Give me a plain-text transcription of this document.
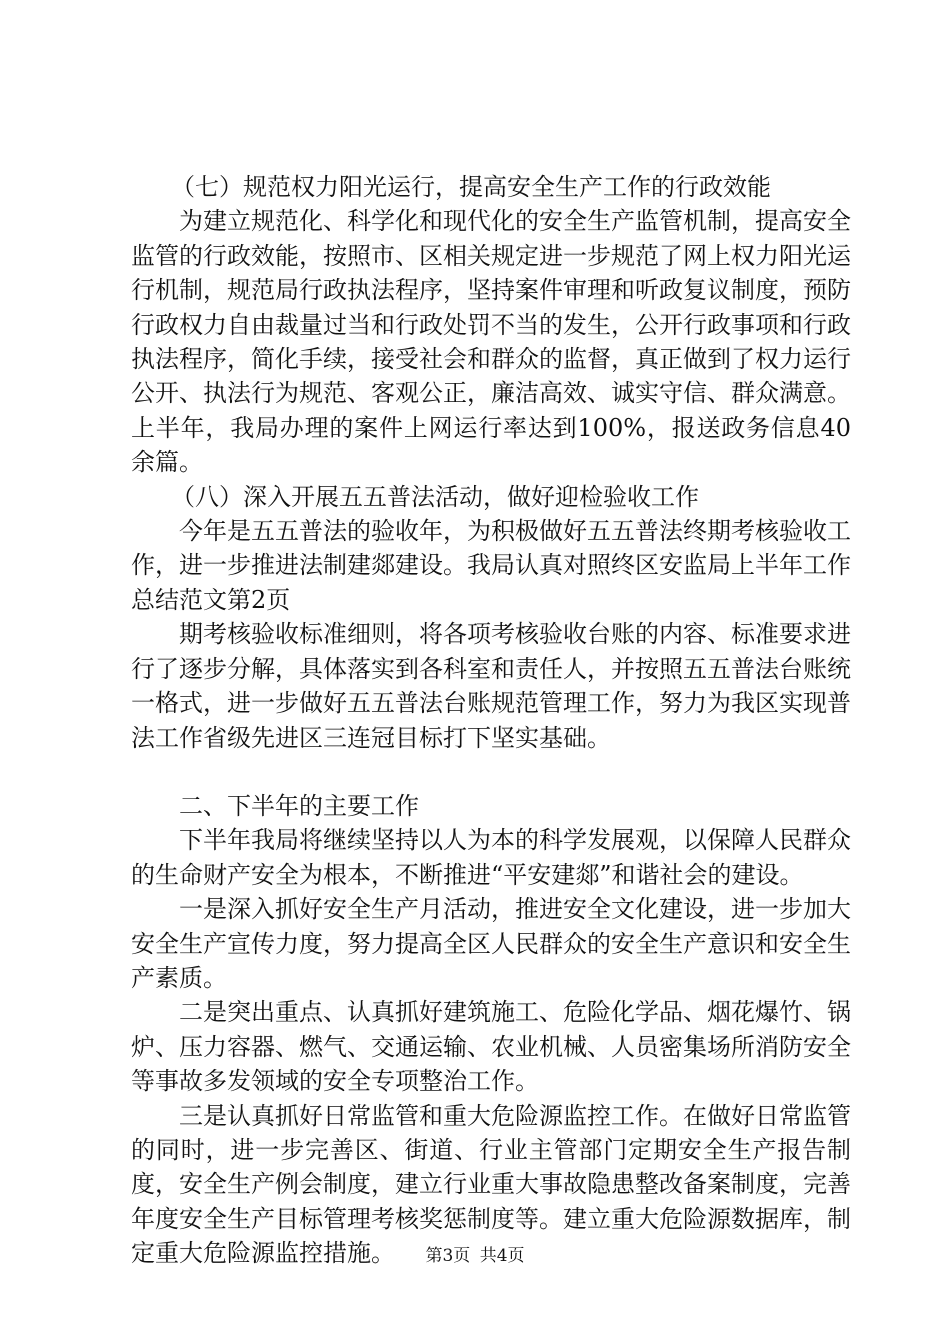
（七）规范权力阳光运行，提高安全生产工作的行政效能

为建立规范化、科学化和现代化的安全生产监管机制，提高安全监管的行政效能，按照市、区相关规定进一步规范了网上权力阳光运行机制，规范局行政执法程序，坚持案件审理和听政复议制度，预防行政权力自由裁量过当和行政处罚不当的发生，公开行政事项和行政执法程序，简化手续，接受社会和群众的监督，真正做到了权力运行公开、执法行为规范、客观公正，廉洁高效、诚实守信、群众满意。上半年，我局办理的案件上网运行率达到100%，报送政务信息40余篇。

（八）深入开展五五普法活动，做好迎检验收工作

今年是五五普法的验收年，为积极做好五五普法终期考核验收工作，进一步推进法制建郯建设。我局认真对照终区安监局上半年工作总结范文第2页

期考核验收标准细则，将各项考核验收台账的内容、标准要求进行了逐步分解，具体落实到各科室和责任人，并按照五五普法台账统一格式，进一步做好五五普法台账规范管理工作，努力为我区实现普法工作省级先进区三连冠目标打下坚实基础。

二、下半年的主要工作

下半年我局将继续坚持以人为本的科学发展观，以保障人民群众的生命财产安全为根本，不断推进“平安建郯”和谐社会的建设。

一是深入抓好安全生产月活动，推进安全文化建设，进一步加大安全生产宣传力度，努力提高全区人民群众的安全生产意识和安全生产素质。

二是突出重点、认真抓好建筑施工、危险化学品、烟花爆竹、锅炉、压力容器、燃气、交通运输、农业机械、人员密集场所消防安全等事故多发领域的安全专项整治工作。

三是认真抓好日常监管和重大危险源监控工作。在做好日常监管的同时，进一步完善区、街道、行业主管部门定期安全生产报告制度，安全生产例会制度，建立行业重大事故隐患整改备案制度，完善年度安全生产目标管理考核奖惩制度等。建立重大危险源数据库，制定重大危险源监控措施。	第3页 共4页
